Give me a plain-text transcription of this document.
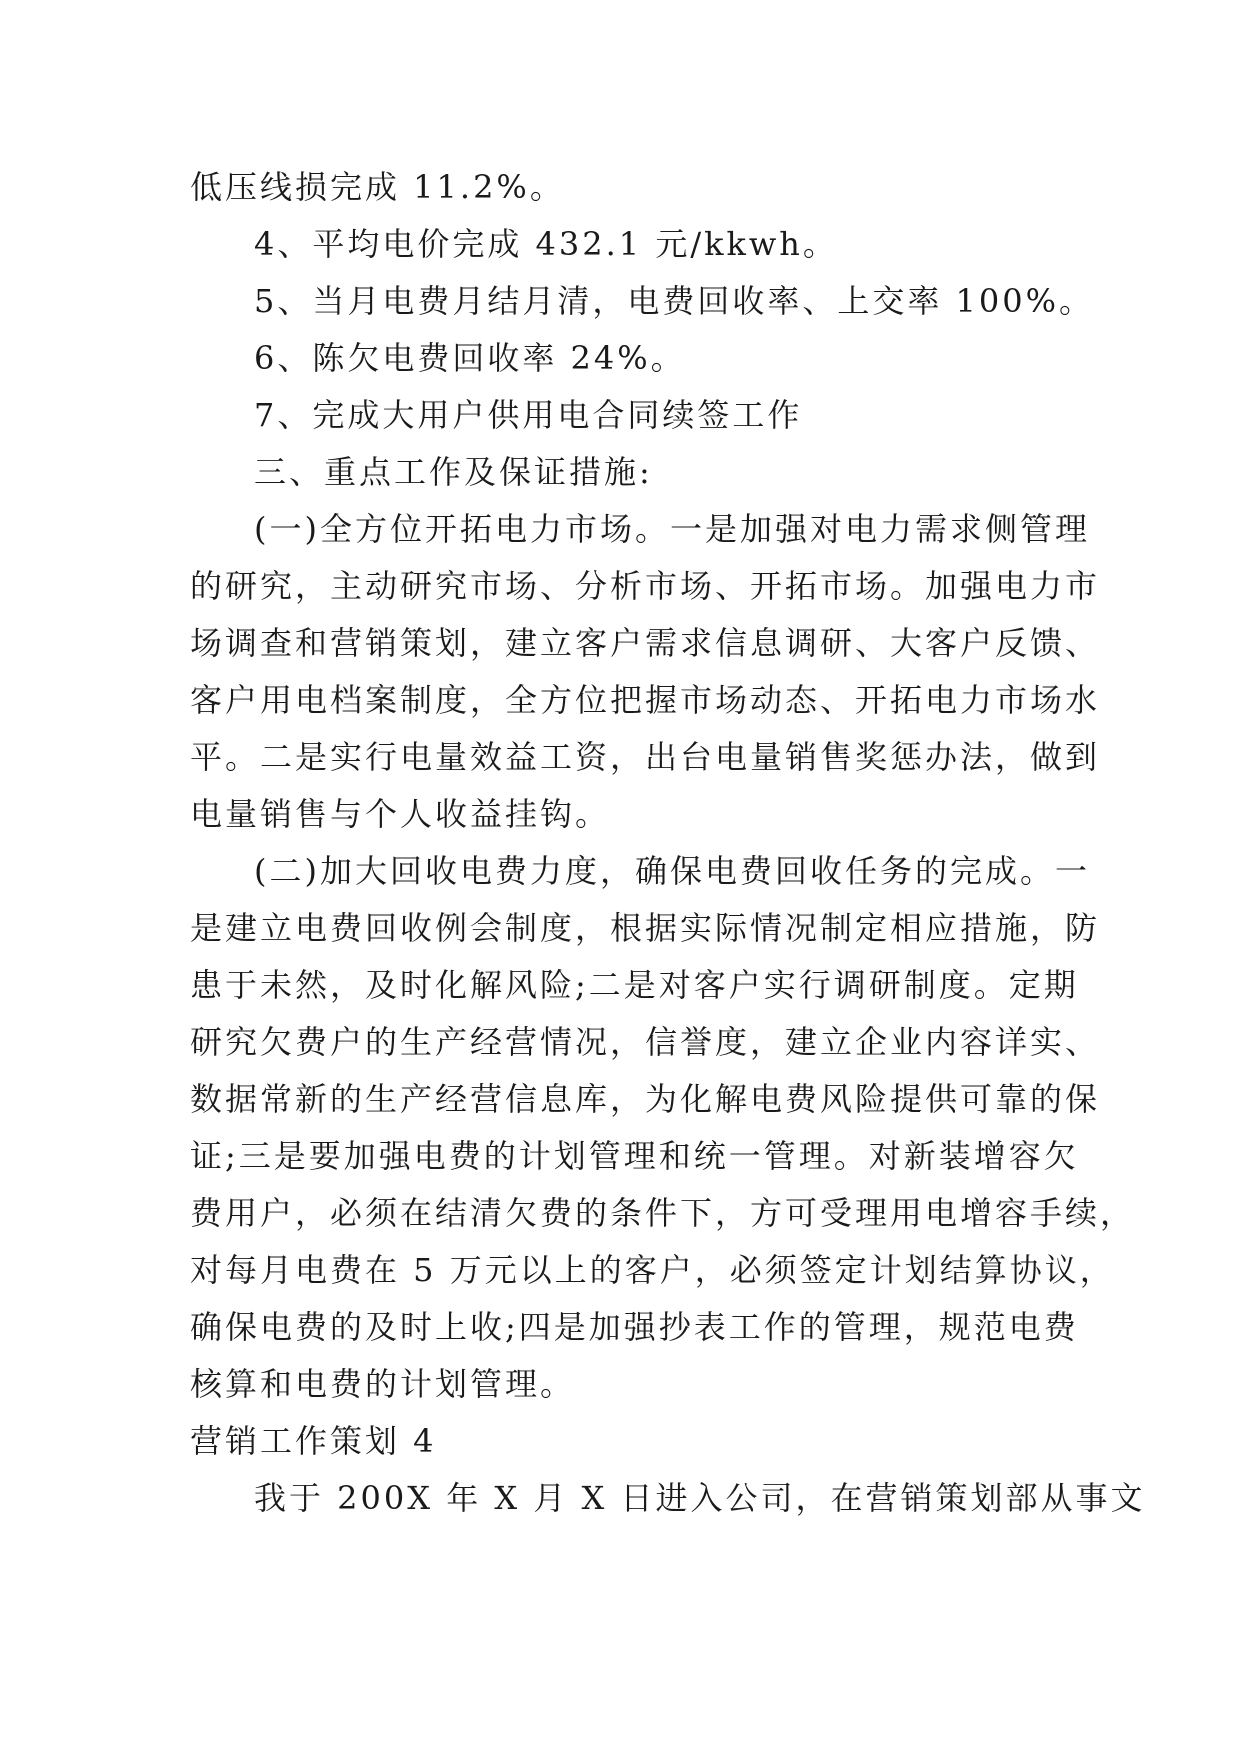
低压线损完成 11.2%。
4、平均电价完成 432.1 元/kkwh。
5、当月电费月结月清，电费回收率、上交率 100%。
6、陈欠电费回收率 24%。
7、完成大用户供用电合同续签工作
三、重点工作及保证措施:
(一)全方位开拓电力市场。一是加强对电力需求侧管理
的研究，主动研究市场、分析市场、开拓市场。加强电力市
场调查和营销策划，建立客户需求信息调研、大客户反馈、
客户用电档案制度，全方位把握市场动态、开拓电力市场水
平。二是实行电量效益工资，出台电量销售奖惩办法，做到
电量销售与个人收益挂钩。
(二)加大回收电费力度，确保电费回收任务的完成。一
是建立电费回收例会制度，根据实际情况制定相应措施，防
患于未然，及时化解风险;二是对客户实行调研制度。定期
研究欠费户的生产经营情况，信誉度，建立企业内容详实、
数据常新的生产经营信息库，为化解电费风险提供可靠的保
证;三是要加强电费的计划管理和统一管理。对新装增容欠
费用户，必须在结清欠费的条件下，方可受理用电增容手续，
对每月电费在 5 万元以上的客户，必须签定计划结算协议，
确保电费的及时上收;四是加强抄表工作的管理，规范电费
核算和电费的计划管理。
营销工作策划 4
我于 200X 年 X 月 X 日进入公司，在营销策划部从事文
